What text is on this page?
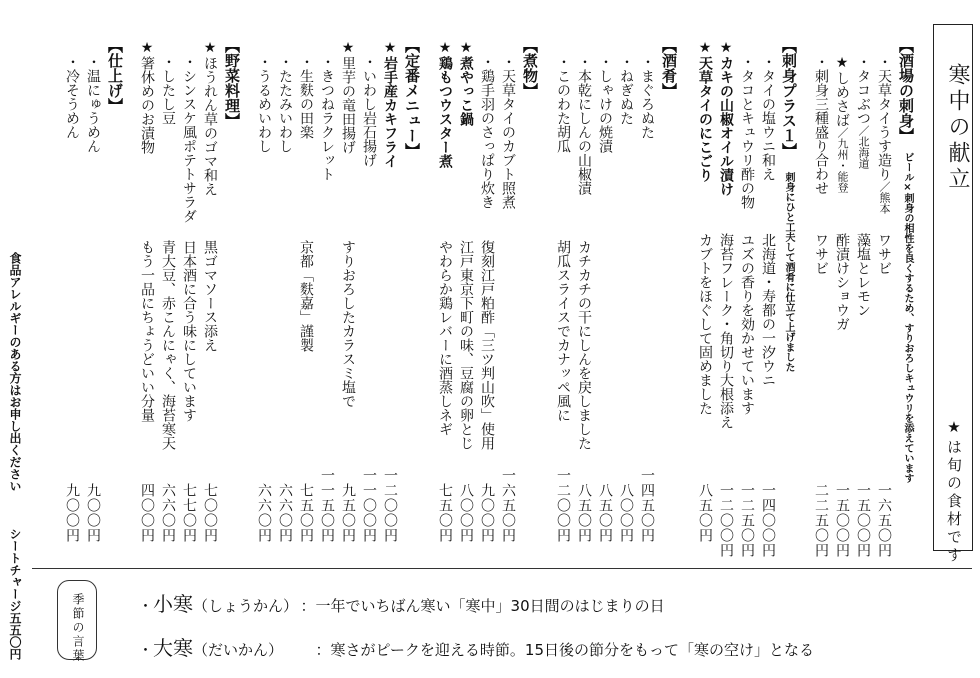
寒中の献立
★は旬の食材です
【酒場の刺身】
ビール×刺身の相性を良くするため、すりおろしキュウリを添えています
・天草タイうす造り／熊本
ワサビ
一六五〇円
・タコぶつ／北海道
藻塩とレモン
一五〇〇円
★しめさば／九州・能登
酢漬けショウガ
一五〇〇円
・刺身三種盛り合わせ
ワサビ
二二五〇円
【刺身プラス１】
刺身にひと工夫して酒肴に仕立て上げました
・タイの塩ウニ和え
北海道・寿都の一汐ウニ
一四〇〇円
・タコとキュウリ酢の物
ユズの香りを効かせています
一二五〇円
★カキの山椒オイル漬け
海苔フレーク・角切り大根添え
一二〇〇円
★天草タイのにこごり
カブトをほぐして固めました
八五〇円
【酒肴】
・まぐろぬた
一四五〇円
・ねぎぬた
八〇〇円
・しゃけの焼漬
八五〇円
・本乾にしんの山椒漬
カチカチの干にしんを戻しました
八五〇円
・このわた胡瓜
胡瓜スライスでカナッペ風に
一二〇〇円
【煮物】
・天草タイのカブト照煮
一六五〇円
・鶏手羽のさっぱり炊き
復刻江戸粕酢「三ツ判山吹」使用
九〇〇円
★煮やっこ鍋
江戸東京下町の味、豆腐の卵とじ
八〇〇円
★鶏もつウスター煮
やわらか鶏レバーに酒蒸しネギ
七五〇円
【定番メニュー】
★岩手産カキフライ
一二〇〇円
・いわし岩石揚げ
一一〇〇円
★里芋の竜田揚げ
すりおろしたカラスミ塩で
九五〇円
・きつねラクレット
一一五〇円
・生麩の田楽
京都「麩嘉」謹製
七五〇円
・たたみいわし
六六〇円
・うるめいわし
六六〇円
【野菜料理】
★ほうれん草のゴマ和え
黒ゴマソース添え
七〇〇円
・シンスケ風ポテトサラダ
日本酒に合う味にしています
七七〇円
・したし豆
青大豆、赤こんにゃく、海苔寒天
六六〇円
★箸休めのお漬物
もう一品にちょうどいい分量
四〇〇円
【仕上げ】
・温にゅうめん
九〇〇円
・冷そうめん
九〇〇円
食品アレルギーのある方はお申し出ください
シートチャージ五五〇円	季節の言葉	・小寒（しょうかん） ：一年でいちばん寒い「寒中」30日間のはじまりの日
・大寒（だいかん）	：寒さがピークを迎える時節。15日後の節分をもって「寒の空け」となる
